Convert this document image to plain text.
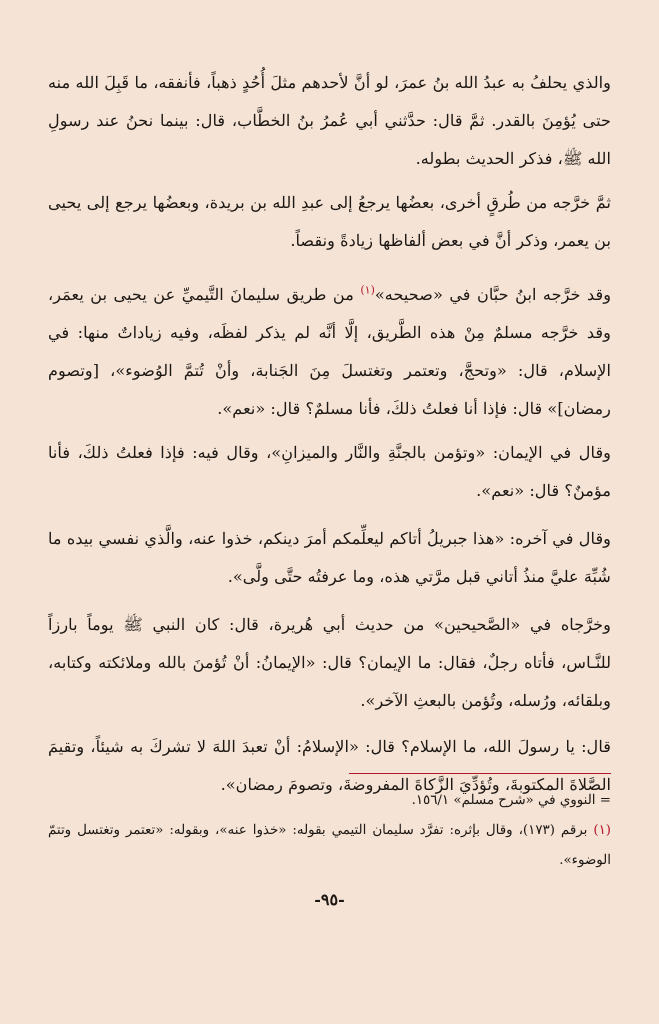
والذي يحلفُ به عبدُ الله بنُ عمرَ، لو أنَّ لأحدهم مثلَ أُحُدٍ ذهباً، فأنفقه، ما قَبِلَ الله منه حتى يُؤمِنَ بالقدر. ثمَّ قال: حدَّثني أبي عُمرُ بنُ الخطَّاب، قال: بينما نحنُ عند رسولِ الله ﷺ، فذكر الحديث بطوله.

ثمَّ خرَّجه من طُرقٍ أخرى، بعضُها يرجعُ إلى عبدِ الله بن بريدة، وبعضُها يرجع إلى يحيى بن يعمر، وذكر أنَّ في بعض ألفاظها زيادةً ونقصاً.

وقد خرَّجه ابنُ حبَّان في «صحيحه»$^{(١)}$ من طريق سليمانَ التَّيميِّ عن يحيى بن يعمَر، وقد خرَّجه مسلمٌ مِنْ هذه الطَّريق، إلَّا أنَّه لم يذكر لفظَه، وفيه زياداتٌ منها: في الإسلام، قال: «وتحجَّ، وتعتمر وتغتسلَ مِنَ الجَنابة، وأنْ تُتمَّ الوُضوء»، [وتصوم رمضان]» قال: فإذا أنا فعلتُ ذلكَ، فأنا مسلمٌ؟ قال: «نعم».

وقال في الإيمان: «وتؤمن بالجنَّةِ والنَّار والميزانِ»، وقال فيه: فإذا فعلتُ ذلكَ، فأنا مؤمنٌ؟ قال: «نعم».

وقال في آخره: «هذا جبريلُ أتاكم ليعلِّمكم أمرَ دينكم، خذوا عنه، والَّذي نفسي بيده ما شُبِّهَ عليَّ منذُ أتاني قبل مرَّتي هذه، وما عرفتُه حتَّى ولَّى».

وخرَّجاه في «الصَّحيحين» من حديث أبي هُريرة، قال: كان النبي ﷺ يوماً بارزاً للنَّـاس، فأتاه رجلٌ، فقال: ما الإيمان؟ قال: «الإيمانُ: أنْ تُؤمنَ بالله وملائكته وكتابه، وبلقائه، ورُسله، وتُؤمن بالبعثِ الآخر».

قال: يا رسولَ الله، ما الإسلام؟ قال: «الإسلامُ: أنْ تعبدَ اللهَ لا تشركَ به شيئاً، وتقيمَ الصَّلاةَ المكتوبةَ، وتُؤدِّيَ الزَّكاةَ المفروضةَ، وتصومَ رمضان».

= النووي في «شرح مسلم» ١٥٦/١.

(١) برقم (١٧٣)، وقال بإثره: تفرَّد سليمان التيمي بقوله: «خذوا عنه»، وبقوله: «تعتمر وتغتسل وتتمّ الوضوء».

-٩٥-
